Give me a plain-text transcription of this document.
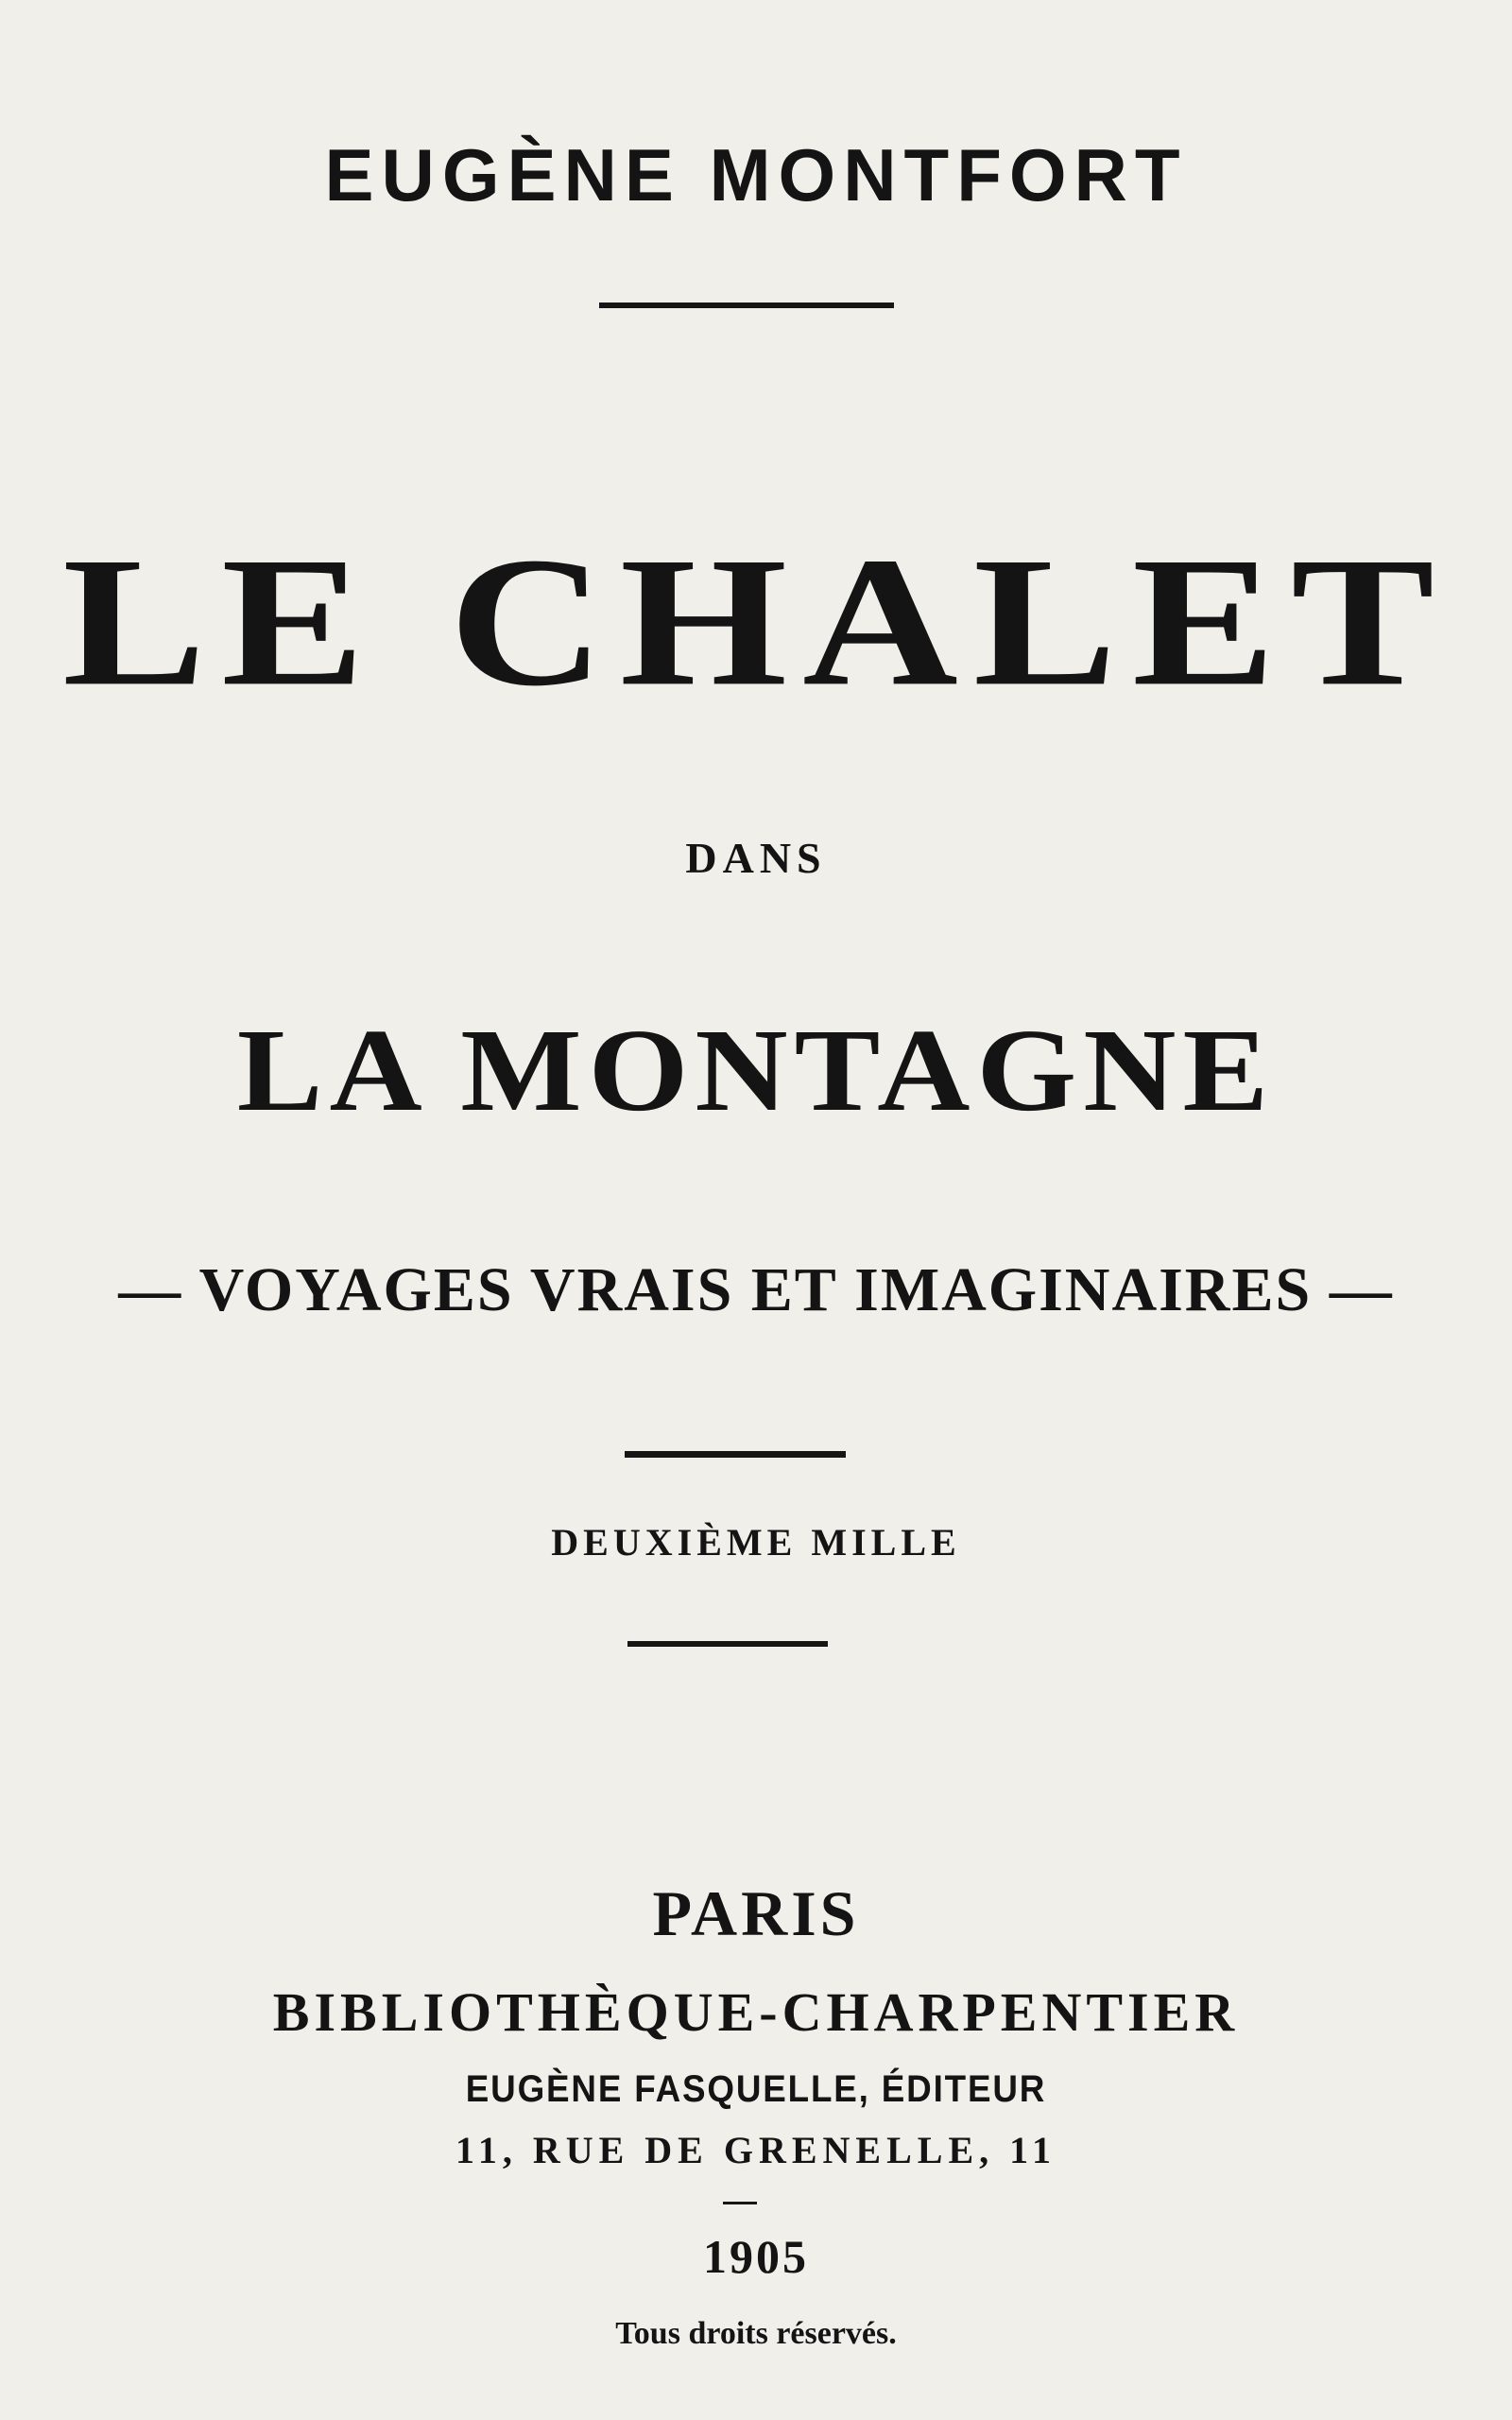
EUGÈNE MONTFORT
LE CHALET
DANS
LA MONTAGNE
— VOYAGES VRAIS ET IMAGINAIRES —
DEUXIÈME MILLE
PARIS
BIBLIOTHÈQUE-CHARPENTIER
EUGÈNE FASQUELLE, ÉDITEUR
11, RUE DE GRENELLE, 11
1905
Tous droits réservés.
